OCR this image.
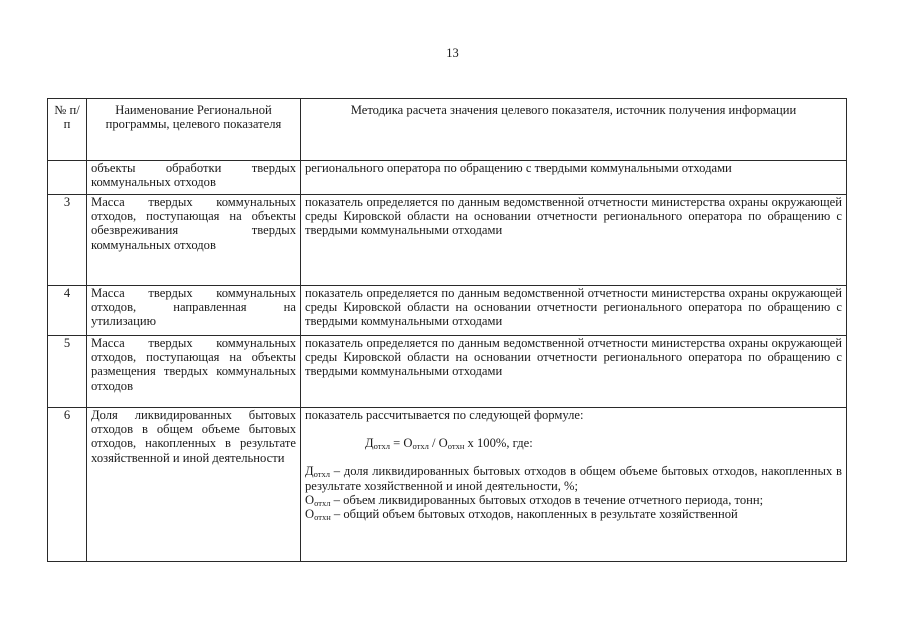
13
№ п/п	Наименование Региональной программы, целевого показателя	Методика расчета значения целевого показателя, источник получения информации
	объекты обработки твердых коммунальных отходов	регионального оператора по обращению с твердыми коммунальными отходами
3	Масса твердых коммунальных отходов, поступающая на объекты обезвреживания твердых коммунальных отходов	показатель определяется по данным ведомственной отчетности министерства охраны окружающей среды Кировской области на основании отчетности регионального оператора по обращению с твердыми коммунальными отходами
4	Масса твердых коммунальных отходов, направленная на утилизацию	показатель определяется по данным ведомственной отчетности министерства охраны окружающей среды Кировской области на основании отчетности регионального оператора по обращению с твердыми коммунальными отходами
5	Масса твердых коммунальных отходов, поступающая на объекты размещения твердых коммунальных отходов	показатель определяется по данным ведомственной отчетности министерства охраны окружающей среды Кировской области на основании отчетности регионального оператора по обращению с твердыми коммунальными отходами
6	Доля ликвидированных бытовых отходов в общем объеме бытовых отходов, накопленных в результате хозяйственной и иной деятельности	показатель рассчитывается по следующей формуле:

$Д_{отхл} = О_{отхл} / О_{отхн}$ х 100%, где:

$Д_{отхл}$ – доля ликвидированных бытовых отходов в общем объеме бытовых отходов, накопленных в результате хозяйственной и иной деятельности, %;

$О_{отхл}$ – объем ликвидированных бытовых отходов в течение отчетного периода, тонн;

$О_{отхн}$ – общий объем бытовых отходов, накопленных в результате хозяйственной
